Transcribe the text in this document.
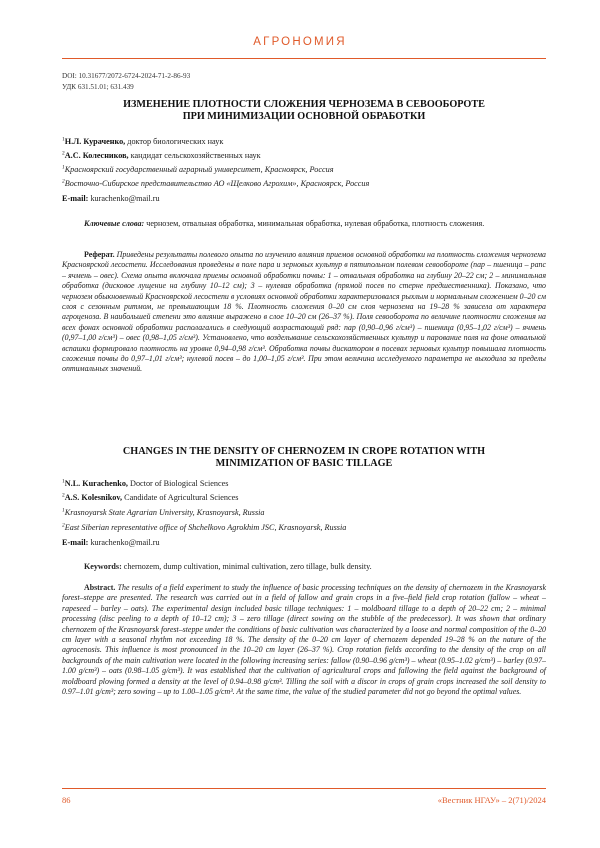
АГРОНОМИЯ
DOI: 10.31677/2072-6724-2024-71-2-86-93
УДК 631.51.01; 631.439
ИЗМЕНЕНИЕ ПЛОТНОСТИ СЛОЖЕНИЯ ЧЕРНОЗЕМА В СЕВООБОРОТЕ
ПРИ МИНИМИЗАЦИИ ОСНОВНОЙ ОБРАБОТКИ
$^1$Н.Л. Кураченко, доктор биологических наук
$^2$А.С. Колесников, кандидат сельскохозяйственных наук
$^1$Красноярский государственный аграрный университет, Красноярск, Россия
$^2$Восточно-Сибирское представительство АО «Щелково Агрохим», Красноярск, Россия
E-mail: kurachenko@mail.ru
Ключевые слова: чернозем, отвальная обработка, минимальная обработка, нулевая обработка, плотность сложения.
Реферат. Приведены результаты полевого опыта по изучению влияния приемов основной обработки на плотность сложения чернозема Красноярской лесостепи. Исследования проведены в поле пара и зерновых культур в пятипольном полевом севообороте (пар – пшеница – рапс – ячмень – овес). Схема опыта включала приемы основной обработки почвы: 1 – отвальная обработка на глубину 20–22 см; 2 – минимальная обработка (дисковое лущение на глубину 10–12 см); 3 – нулевая обработка (прямой посев по стерне предшественника). Показано, что чернозем обыкновенный Красноярской лесостепи в условиях основной обработки характеризовался рыхлым и нормальным сложением 0–20 см слоя с сезонным ритмом, не превышающим 18 %. Плотность сложения 0–20 см слоя чернозема на 19–28 % зависела от характера агроценоза. В наибольшей степени это влияние выражено в слое 10–20 см (26–37 %). Поля севооборота по величине плотности сложения на всех фонах основной обработки располагались в следующий возрастающий ряд: пар (0,90–0,96 г/см³) – пшеница (0,95–1,02 г/см³) – ячмень (0,97–1,00 г/см³) – овес (0,98–1,05 г/см³). Установлено, что возделывание сельскохозяйственных культур и парование поля на фоне отвальной вспашки формировало плотность на уровне 0,94–0,98 г/см³. Обработка почвы дискатором в посевах зерновых культур повышала плотность сложения почвы до 0,97–1,01 г/см³; нулевой посев – до 1,00–1,05 г/см³. При этом величина исследуемого параметра не выходила за пределы оптимальных значений.
CHANGES IN THE DENSITY OF CHERNOZEM IN CROPE ROTATION WITH
MINIMIZATION OF BASIC TILLAGE
$^1$N.L. Kurachenko, Doctor of Biological Sciences
$^2$A.S. Kolesnikov, Candidate of Agricultural Sciences
$^1$Krasnoyarsk State Agrarian University, Krasnoyarsk, Russia
$^2$East Siberian representative office of Shchelkovo Agrokhim JSC, Krasnoyarsk, Russia
E-mail: kurachenko@mail.ru
Keywords: chernozem, dump cultivation, minimal cultivation, zero tillage, bulk density.
Abstract. The results of a field experiment to study the influence of basic processing techniques on the density of chernozem in the Krasnoyarsk forest–steppe are presented. The research was carried out in a field of fallow and grain crops in a five–field field crop rotation (fallow – wheat – rapeseed – barley – oats). The experimental design included basic tillage techniques: 1 – moldboard tillage to a depth of 20–22 cm; 2 – minimal processing (disc peeling to a depth of 10–12 cm); 3 – zero tillage (direct sowing on the stubble of the predecessor). It was shown that ordinary chernozem of the Krasnoyarsk forest–steppe under the conditions of basic cultivation was characterized by a loose and normal composition of the 0–20 cm layer with a seasonal rhythm not exceeding 18 %. The density of the 0–20 cm layer of chernozem depended 19–28 % on the nature of the agrocenosis. This influence is most pronounced in the 10–20 cm layer (26–37 %). Crop rotation fields according to the density of the crop on all backgrounds of the main cultivation were located in the following increasing series: fallow (0.90–0.96 g/cm³) – wheat (0.95–1.02 g/cm³) – barley (0.97–1.00 g/cm³) – oats (0.98–1.05 g/cm³). It was established that the cultivation of agricultural crops and fallowing the field against the background of moldboard plowing formed a density at the level of 0.94–0.98 g/cm³. Tilling the soil with a discor in crops of grain crops increased the soil density to 0.97–1.01 g/cm³; zero sowing – up to 1.00–1.05 g/cm³. At the same time, the value of the studied parameter did not go beyond the optimal values.
86	«Вестник НГАУ» – 2(71)/2024
